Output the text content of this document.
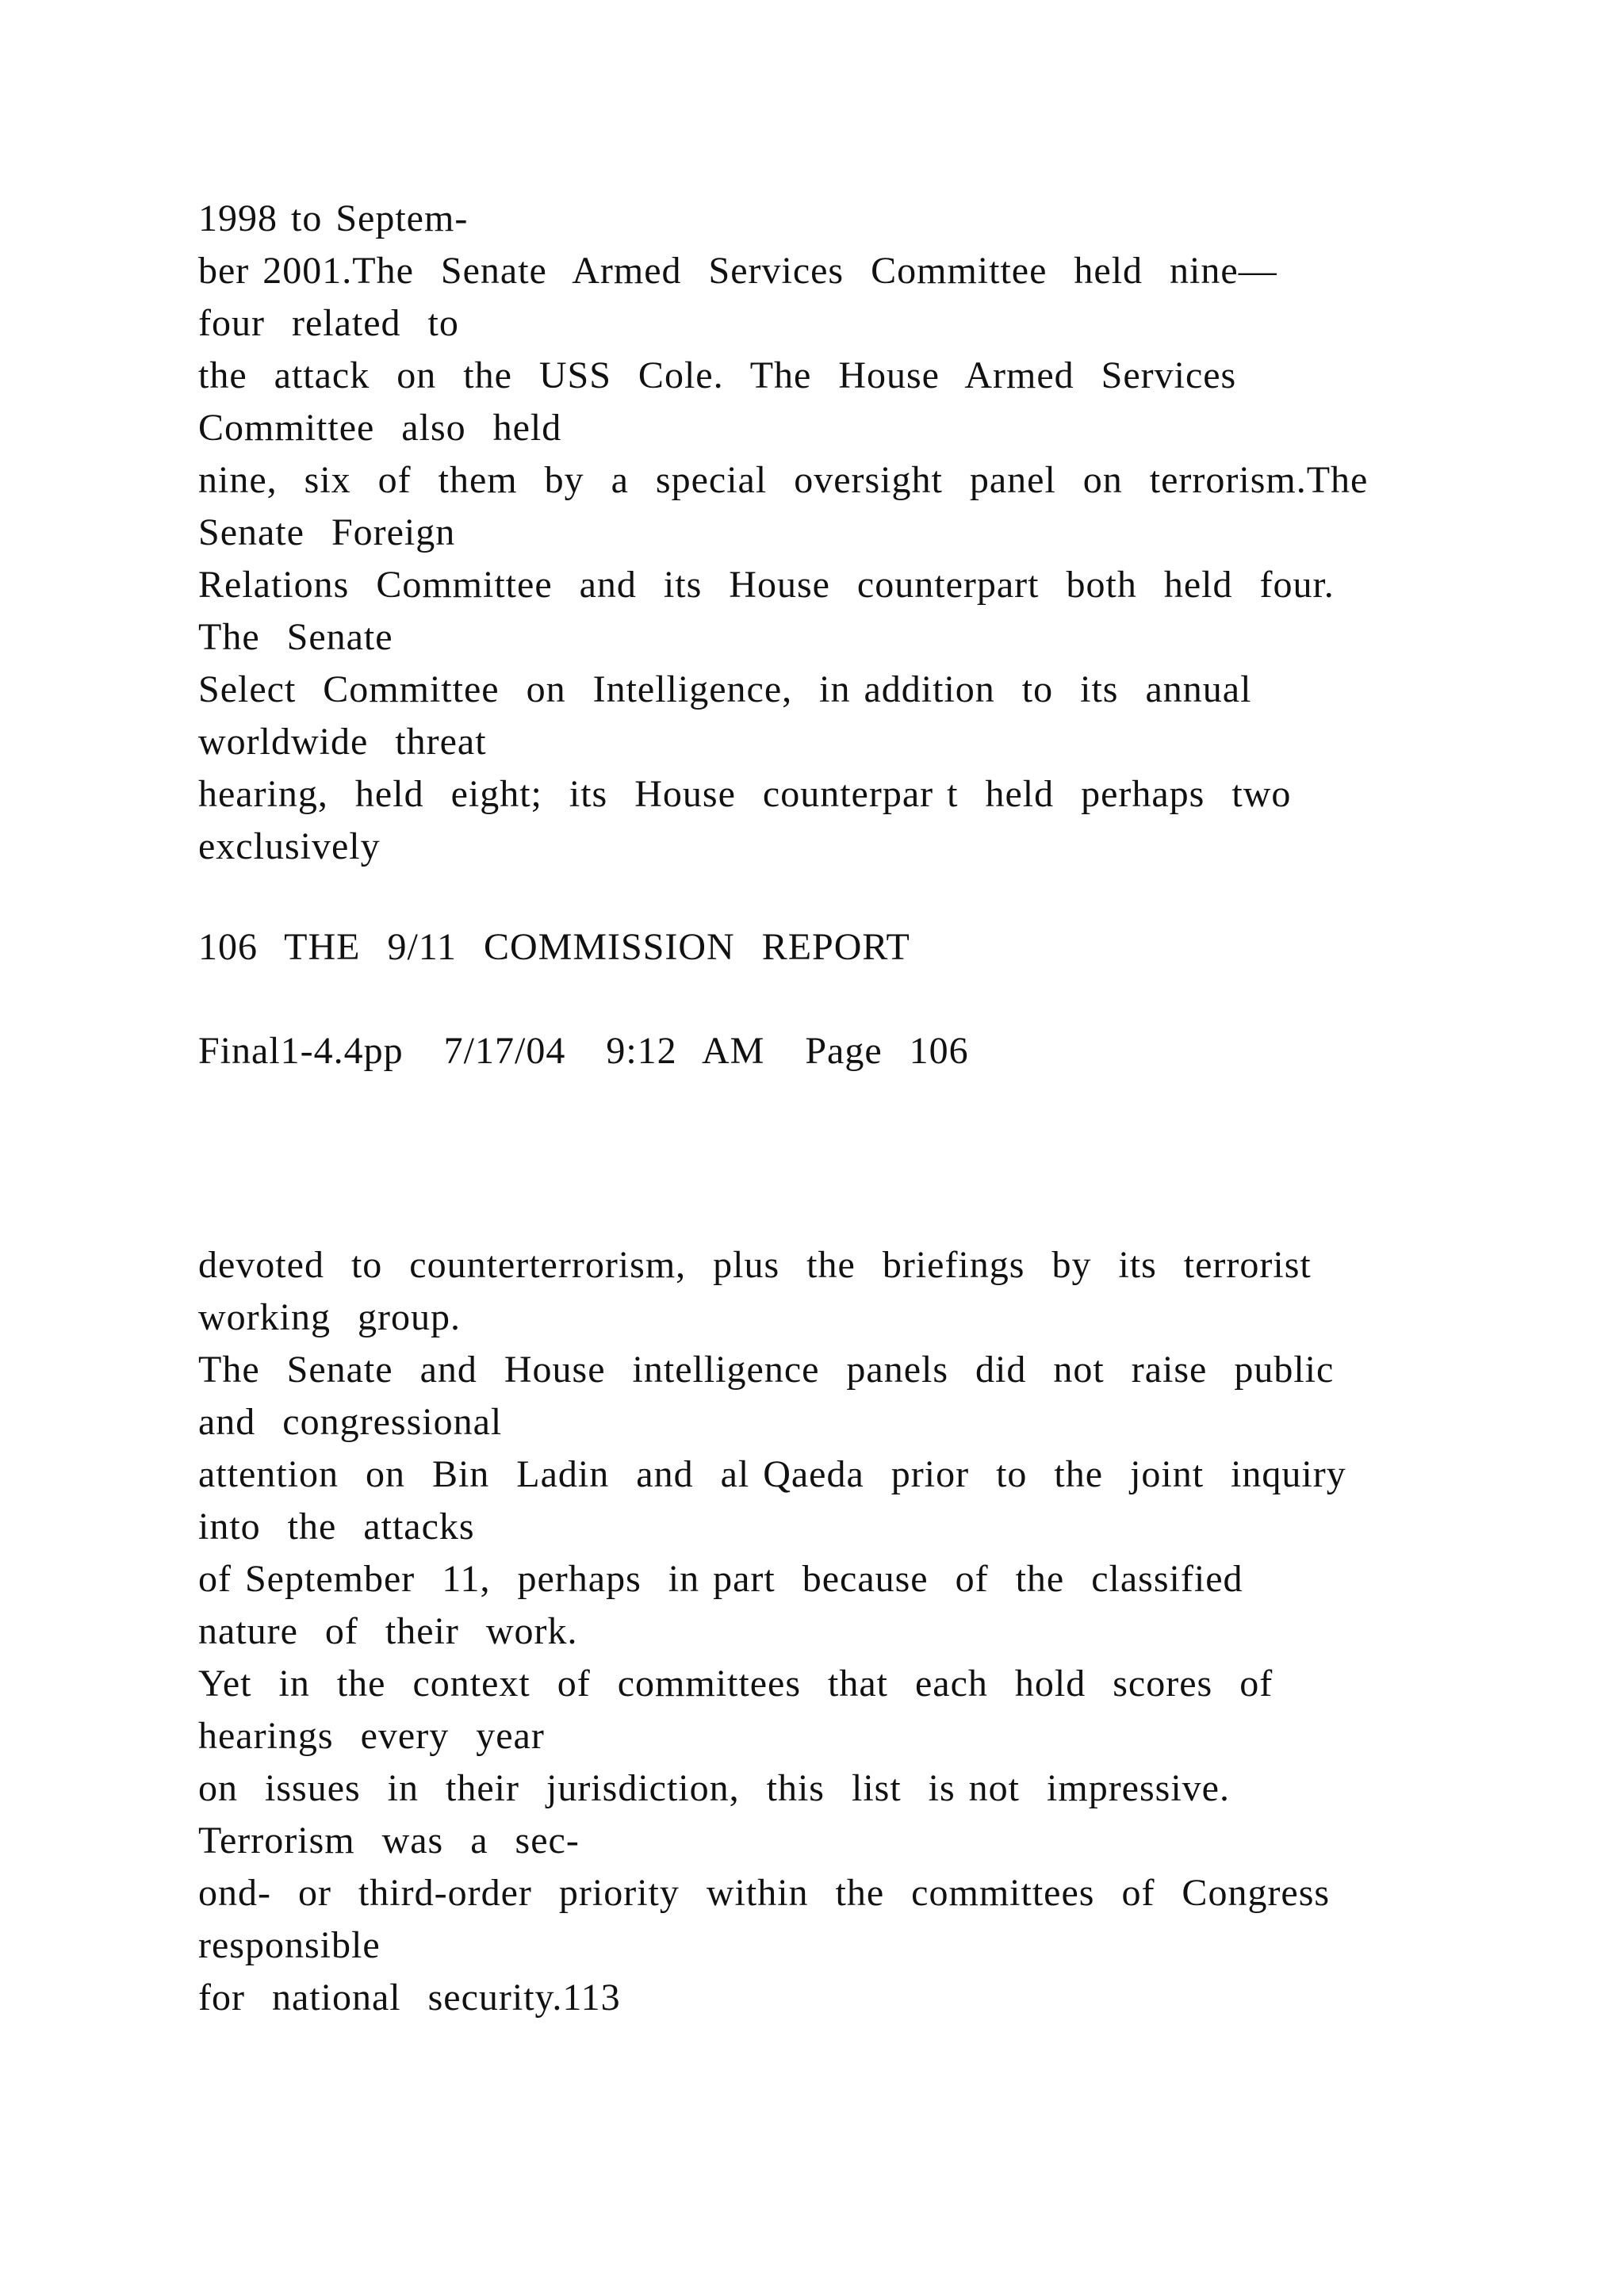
1998 to Septem-
ber 2001.The  Senate  Armed  Services  Committee  held  nine—
four  related  to
the  attack  on  the  USS  Cole.  The  House  Armed  Services
Committee  also  held
nine,  six  of  them  by  a  special  oversight  panel  on  terrorism.The
Senate  Foreign
Relations  Committee  and  its  House  counterpart  both  held  four.
The  Senate
Select  Committee  on  Intelligence,  in addition  to  its  annual
worldwide  threat
hearing,  held  eight;  its  House  counterpar t  held  perhaps  two
exclusively
106  THE  9/11  COMMISSION  REPORT
Final1-4.4pp   7/17/04   9:12  AM   Page  106
devoted  to  counterterrorism,  plus  the  briefings  by  its  terrorist
working  group.
The  Senate  and  House  intelligence  panels  did  not  raise  public
and  congressional
attention  on  Bin  Ladin  and  al Qaeda  prior  to  the  joint  inquiry
into  the  attacks
of September  11,  perhaps  in part  because  of  the  classified
nature  of  their  work.
Yet  in  the  context  of  committees  that  each  hold  scores  of
hearings  every  year
on  issues  in  their  jurisdiction,  this  list  is not  impressive.
Terrorism  was  a  sec-
ond-  or  third-order  priority  within  the  committees  of  Congress
responsible
for  national  security.113
